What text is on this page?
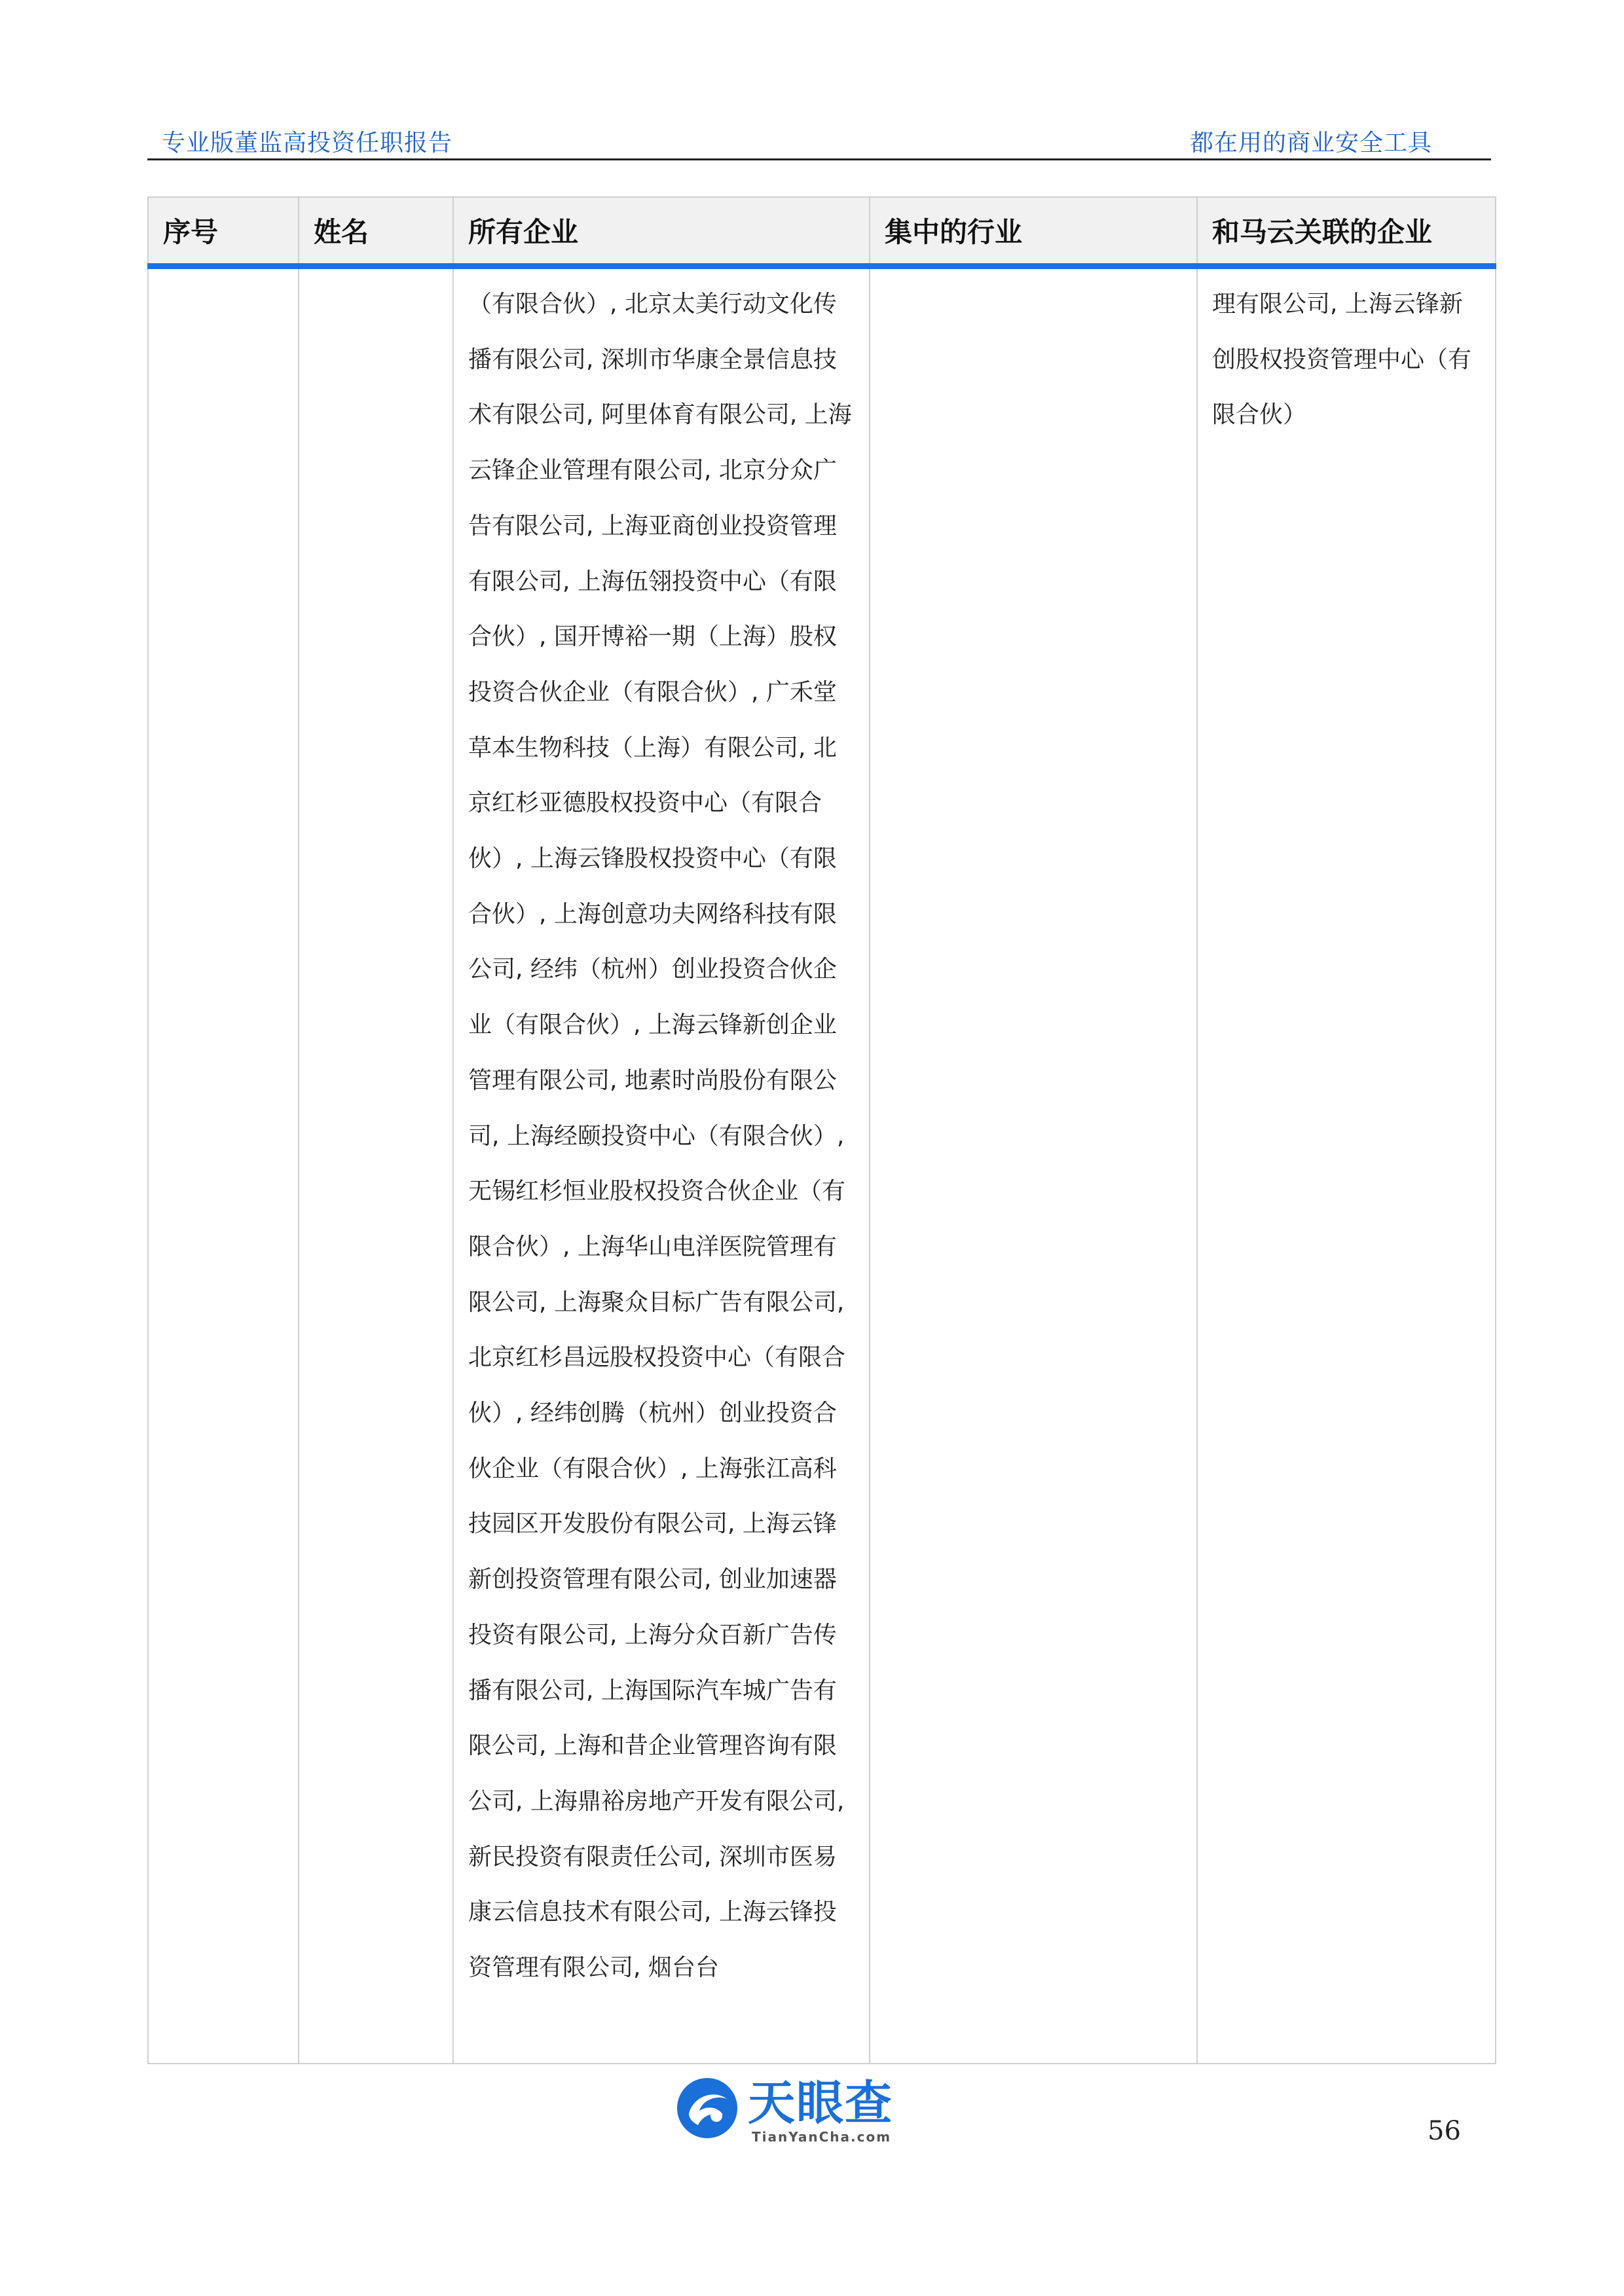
专业版董监高投资任职报告	都在用的商业安全工具
序号	姓名	所有企业	集中的行业	和马云关联的企业

		（有限合伙）, 北京太美行动文化传播有限公司, 深圳市华康全景信息技术有限公司, 阿里体育有限公司, 上海云锋企业管理有限公司, 北京分众广告有限公司, 上海亚商创业投资管理有限公司, 上海伍翎投资中心（有限合伙）, 国开博裕一期（上海）股权投资合伙企业（有限合伙）, 广禾堂草本生物科技（上海）有限公司, 北京红杉亚德股权投资中心（有限合伙）, 上海云锋股权投资中心（有限合伙）, 上海创意功夫网络科技有限公司, 经纬（杭州）创业投资合伙企业（有限合伙）, 上海云锋新创企业管理有限公司, 地素时尚股份有限公司, 上海经颐投资中心（有限合伙）, 无锡红杉恒业股权投资合伙企业（有限合伙）, 上海华山电洋医院管理有限公司, 上海聚众目标广告有限公司, 北京红杉昌远股权投资中心（有限合伙）, 经纬创腾（杭州）创业投资合伙企业（有限合伙）, 上海张江高科技园区开发股份有限公司, 上海云锋新创投资管理有限公司, 创业加速器投资有限公司, 上海分众百新广告传播有限公司, 上海国际汽车城广告有限公司, 上海和昔企业管理咨询有限公司, 上海鼎裕房地产开发有限公司, 新民投资有限责任公司, 深圳市医易康云信息技术有限公司, 上海云锋投资管理有限公司, 烟台台		理有限公司, 上海云锋新创股权投资管理中心（有限合伙）
天眼查
TianYanCha.com	56
